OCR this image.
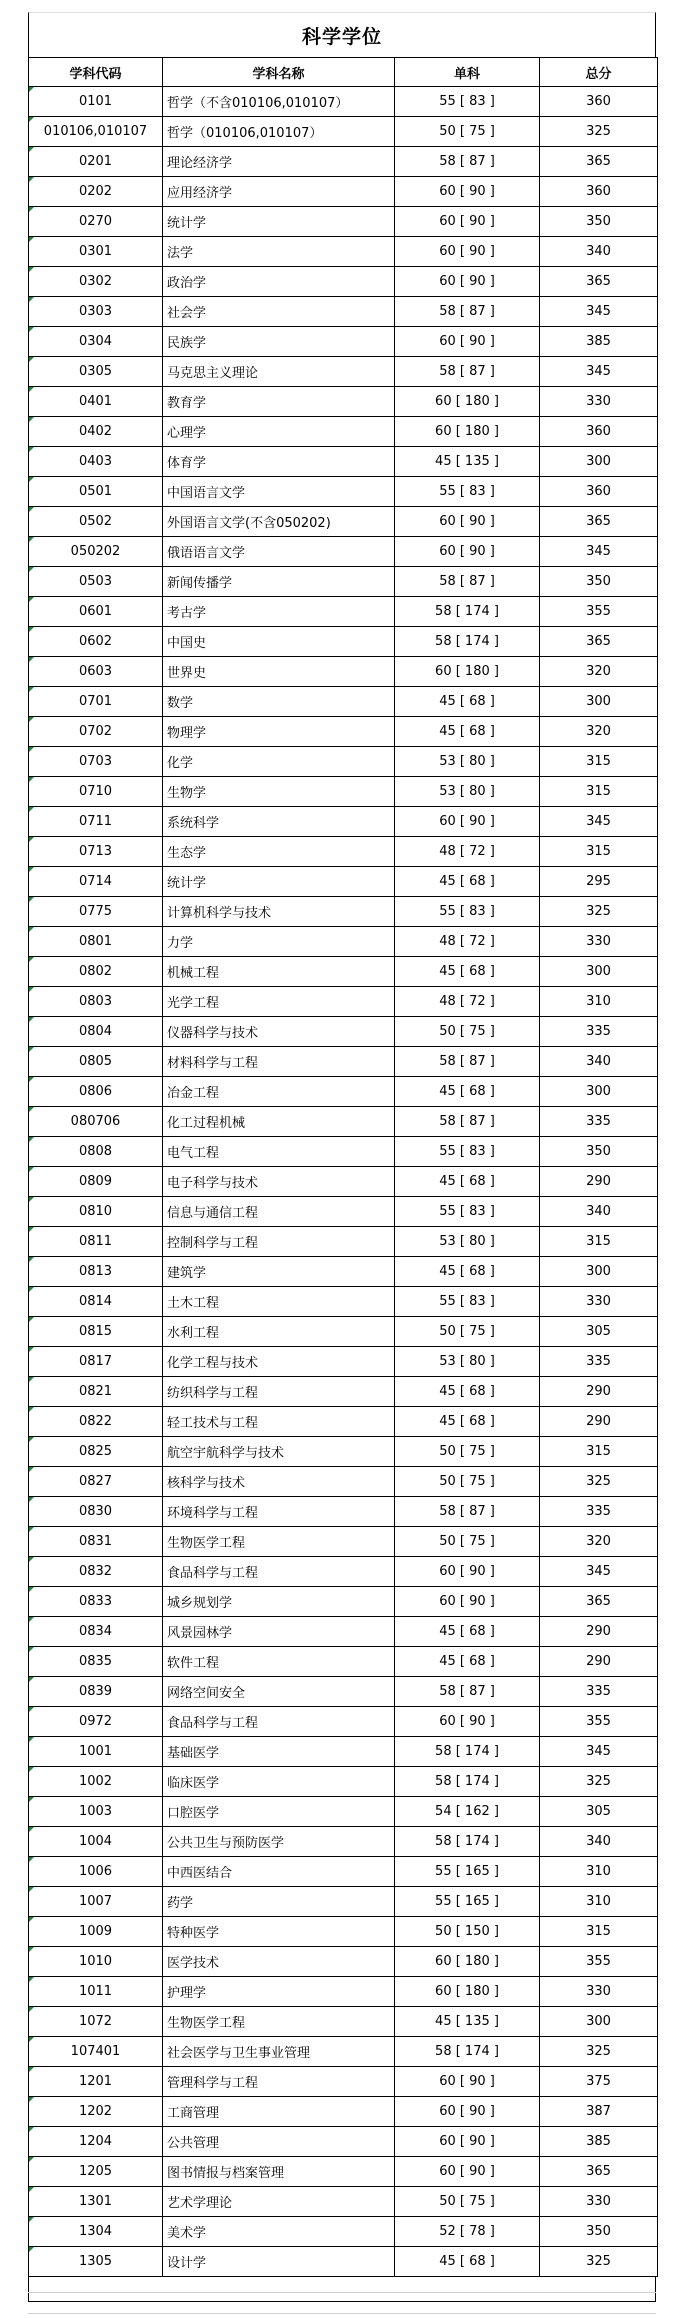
科学学位
学科代码	学科名称	单科	总分
0101	哲学（不含010106,010107）	55 [ 83 ]	360
010106,010107	哲学（010106,010107）	50 [ 75 ]	325
0201	理论经济学	58 [ 87 ]	365
0202	应用经济学	60 [ 90 ]	360
0270	统计学	60 [ 90 ]	350
0301	法学	60 [ 90 ]	340
0302	政治学	60 [ 90 ]	365
0303	社会学	58 [ 87 ]	345
0304	民族学	60 [ 90 ]	385
0305	马克思主义理论	58 [ 87 ]	345
0401	教育学	60 [ 180 ]	330
0402	心理学	60 [ 180 ]	360
0403	体育学	45 [ 135 ]	300
0501	中国语言文学	55 [ 83 ]	360
0502	外国语言文学(不含050202)	60 [ 90 ]	365
050202	俄语语言文学	60 [ 90 ]	345
0503	新闻传播学	58 [ 87 ]	350
0601	考古学	58 [ 174 ]	355
0602	中国史	58 [ 174 ]	365
0603	世界史	60 [ 180 ]	320
0701	数学	45 [ 68 ]	300
0702	物理学	45 [ 68 ]	320
0703	化学	53 [ 80 ]	315
0710	生物学	53 [ 80 ]	315
0711	系统科学	60 [ 90 ]	345
0713	生态学	48 [ 72 ]	315
0714	统计学	45 [ 68 ]	295
0775	计算机科学与技术	55 [ 83 ]	325
0801	力学	48 [ 72 ]	330
0802	机械工程	45 [ 68 ]	300
0803	光学工程	48 [ 72 ]	310
0804	仪器科学与技术	50 [ 75 ]	335
0805	材料科学与工程	58 [ 87 ]	340
0806	冶金工程	45 [ 68 ]	300
080706	化工过程机械	58 [ 87 ]	335
0808	电气工程	55 [ 83 ]	350
0809	电子科学与技术	45 [ 68 ]	290
0810	信息与通信工程	55 [ 83 ]	340
0811	控制科学与工程	53 [ 80 ]	315
0813	建筑学	45 [ 68 ]	300
0814	土木工程	55 [ 83 ]	330
0815	水利工程	50 [ 75 ]	305
0817	化学工程与技术	53 [ 80 ]	335
0821	纺织科学与工程	45 [ 68 ]	290
0822	轻工技术与工程	45 [ 68 ]	290
0825	航空宇航科学与技术	50 [ 75 ]	315
0827	核科学与技术	50 [ 75 ]	325
0830	环境科学与工程	58 [ 87 ]	335
0831	生物医学工程	50 [ 75 ]	320
0832	食品科学与工程	60 [ 90 ]	345
0833	城乡规划学	60 [ 90 ]	365
0834	风景园林学	45 [ 68 ]	290
0835	软件工程	45 [ 68 ]	290
0839	网络空间安全	58 [ 87 ]	335
0972	食品科学与工程	60 [ 90 ]	355
1001	基础医学	58 [ 174 ]	345
1002	临床医学	58 [ 174 ]	325
1003	口腔医学	54 [ 162 ]	305
1004	公共卫生与预防医学	58 [ 174 ]	340
1006	中西医结合	55 [ 165 ]	310
1007	药学	55 [ 165 ]	310
1009	特种医学	50 [ 150 ]	315
1010	医学技术	60 [ 180 ]	355
1011	护理学	60 [ 180 ]	330
1072	生物医学工程	45 [ 135 ]	300
107401	社会医学与卫生事业管理	58 [ 174 ]	325
1201	管理科学与工程	60 [ 90 ]	375
1202	工商管理	60 [ 90 ]	387
1204	公共管理	60 [ 90 ]	385
1205	图书情报与档案管理	60 [ 90 ]	365
1301	艺术学理论	50 [ 75 ]	330
1304	美术学	52 [ 78 ]	350
1305	设计学	45 [ 68 ]	325
